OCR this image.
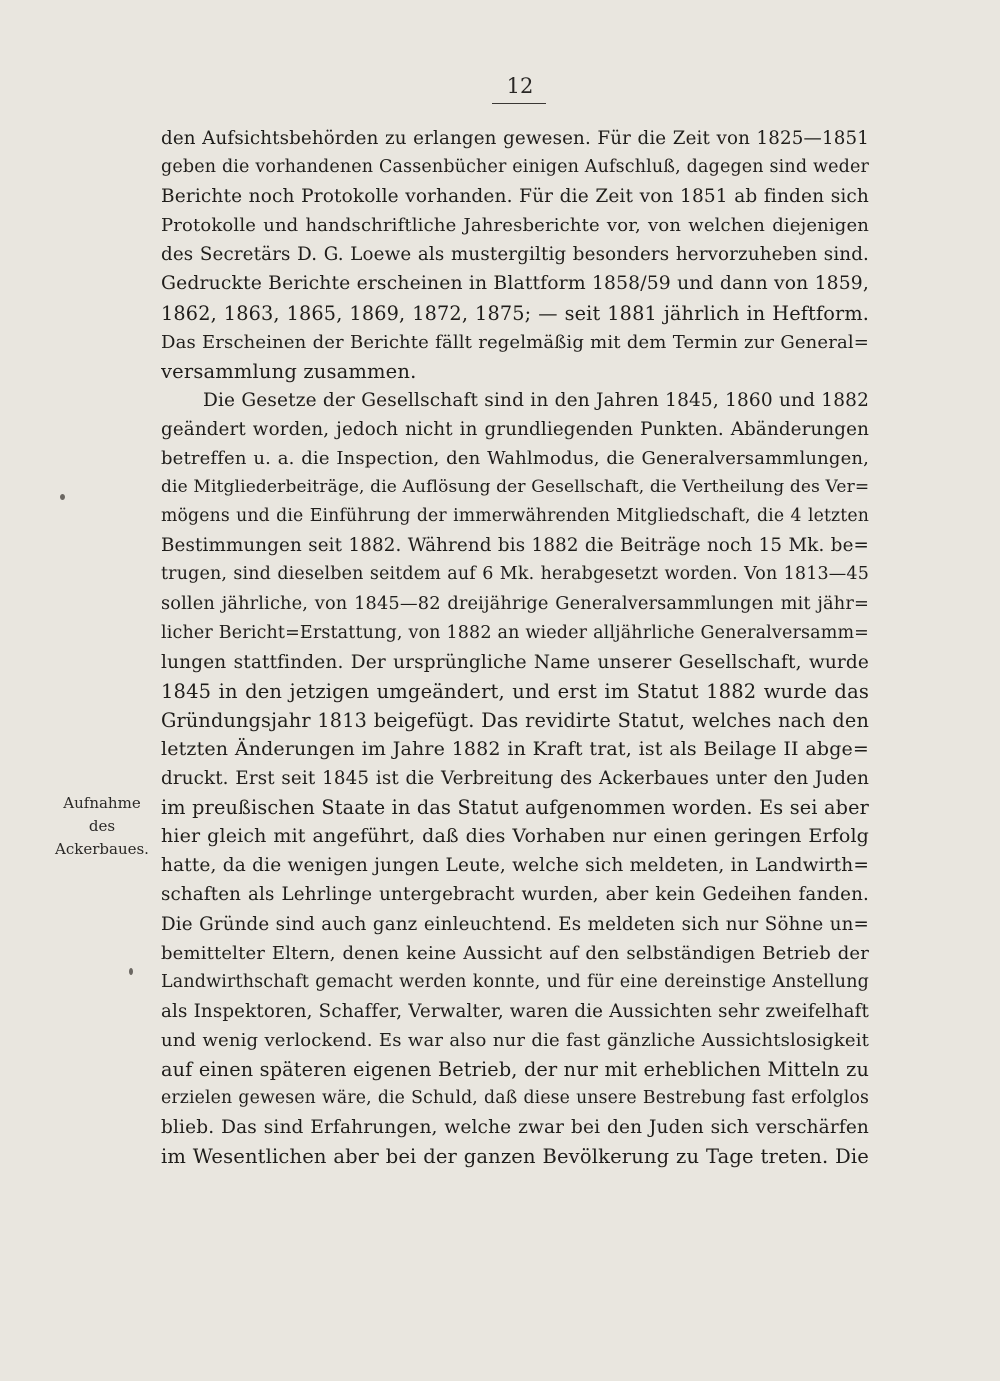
12
den Aufsichtsbehörden zu erlangen gewesen. Für die Zeit von 1825—1851
geben die vorhandenen Cassenbücher einigen Aufschluß, dagegen sind weder
Berichte noch Protokolle vorhanden. Für die Zeit von 1851 ab finden sich
Protokolle und handschriftliche Jahresberichte vor, von welchen diejenigen
des Secretärs D. G. Loewe als mustergiltig besonders hervorzuheben sind.
Gedruckte Berichte erscheinen in Blattform 1858/59 und dann von 1859,
1862, 1863, 1865, 1869, 1872, 1875; — seit 1881 jährlich in Heftform.
Das Erscheinen der Berichte fällt regelmäßig mit dem Termin zur General=
versammlung zusammen.
Die Gesetze der Gesellschaft sind in den Jahren 1845, 1860 und 1882
geändert worden, jedoch nicht in grundliegenden Punkten. Abänderungen
betreffen u. a. die Inspection, den Wahlmodus, die Generalversammlungen,
die Mitgliederbeiträge, die Auflösung der Gesellschaft, die Vertheilung des Ver=
mögens und die Einführung der immerwährenden Mitgliedschaft, die 4 letzten
Bestimmungen seit 1882. Während bis 1882 die Beiträge noch 15 Mk. be=
trugen, sind dieselben seitdem auf 6 Mk. herabgesetzt worden. Von 1813—45
sollen jährliche, von 1845—82 dreijährige Generalversammlungen mit jähr=
licher Bericht=Erstattung, von 1882 an wieder alljährliche Generalversamm=
lungen stattfinden. Der ursprüngliche Name unserer Gesellschaft, wurde
1845 in den jetzigen umgeändert, und erst im Statut 1882 wurde das
Gründungsjahr 1813 beigefügt. Das revidirte Statut, welches nach den
letzten Änderungen im Jahre 1882 in Kraft trat, ist als Beilage II abge=
druckt. Erst seit 1845 ist die Verbreitung des Ackerbaues unter den Juden
im preußischen Staate in das Statut aufgenommen worden. Es sei aber
hier gleich mit angeführt, daß dies Vorhaben nur einen geringen Erfolg
hatte, da die wenigen jungen Leute, welche sich meldeten, in Landwirth=
schaften als Lehrlinge untergebracht wurden, aber kein Gedeihen fanden.
Die Gründe sind auch ganz einleuchtend. Es meldeten sich nur Söhne un=
bemittelter Eltern, denen keine Aussicht auf den selbständigen Betrieb der
Landwirthschaft gemacht werden konnte, und für eine dereinstige Anstellung
als Inspektoren, Schaffer, Verwalter, waren die Aussichten sehr zweifelhaft
und wenig verlockend. Es war also nur die fast gänzliche Aussichtslosigkeit
auf einen späteren eigenen Betrieb, der nur mit erheblichen Mitteln zu
erzielen gewesen wäre, die Schuld, daß diese unsere Bestrebung fast erfolglos
blieb. Das sind Erfahrungen, welche zwar bei den Juden sich verschärfen
im Wesentlichen aber bei der ganzen Bevölkerung zu Tage treten. Die
Aufnahme
des
Ackerbaues.
